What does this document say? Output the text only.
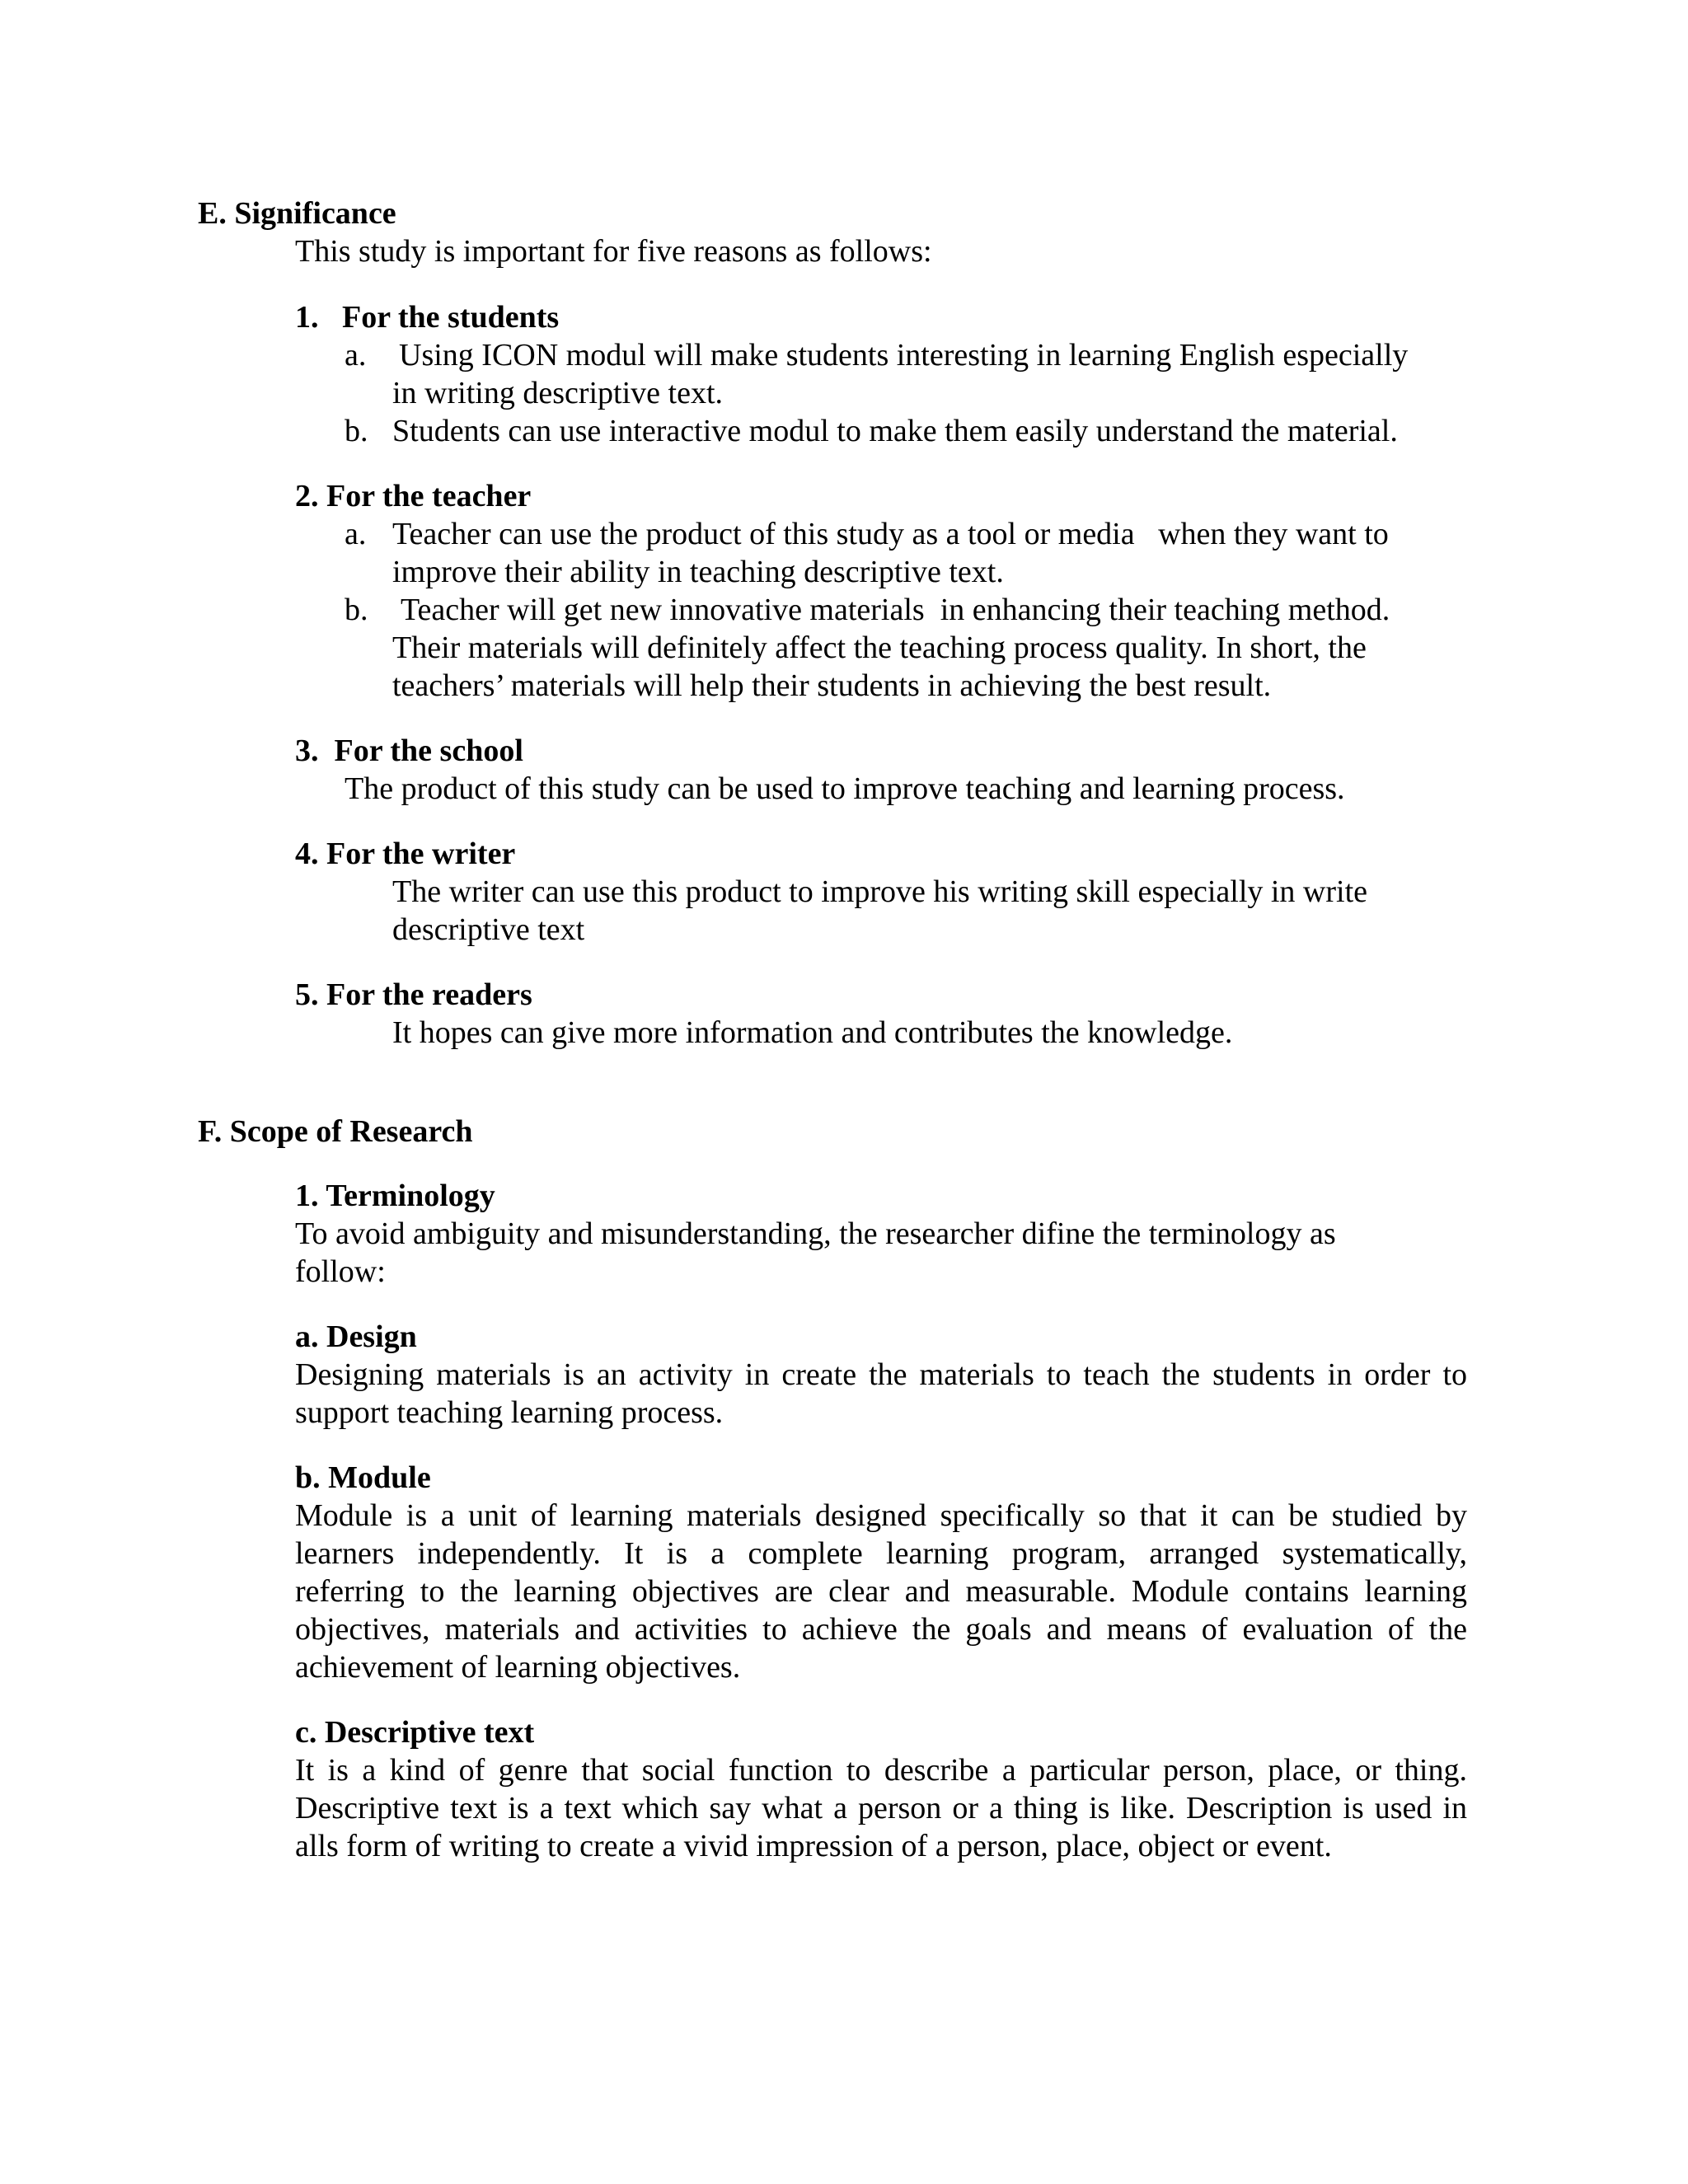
E. Significance
This study is important for five reasons as follows:
1.   For the students
a. Using ICON modul will make students interesting in learning English especially
in writing descriptive text.
b. Students can use interactive modul to make them easily understand the material.
2. For the teacher
a. Teacher can use the product of this study as a tool or media   when they want to
improve their ability in teaching descriptive text.
b. Teacher will get new innovative materials  in enhancing their teaching method.
Their materials will definitely affect the teaching process quality. In short, the
teachers’ materials will help their students in achieving the best result.
3.  For the school
The product of this study can be used to improve teaching and learning process.
4. For the writer
The writer can use this product to improve his writing skill especially in write
descriptive text
5. For the readers
It hopes can give more information and contributes the knowledge.
F. Scope of Research
1. Terminology
To avoid ambiguity and misunderstanding, the researcher difine the terminology as
follow:
a. Design
Designing materials is an activity in create the materials to teach the students in order to
support teaching learning process.
b. Module
Module is a unit of learning materials designed specifically so that it can be studied by
learners independently. It is a complete learning program, arranged systematically,
referring to the learning objectives are clear and measurable. Module contains learning
objectives, materials and activities to achieve the goals and means of evaluation of the
achievement of learning objectives.
c. Descriptive text
It is a kind of genre that social function to describe a particular person, place, or thing.
Descriptive text is a text which say what a person or a thing is like. Description is used in
alls form of writing to create a vivid impression of a person, place, object or event.
